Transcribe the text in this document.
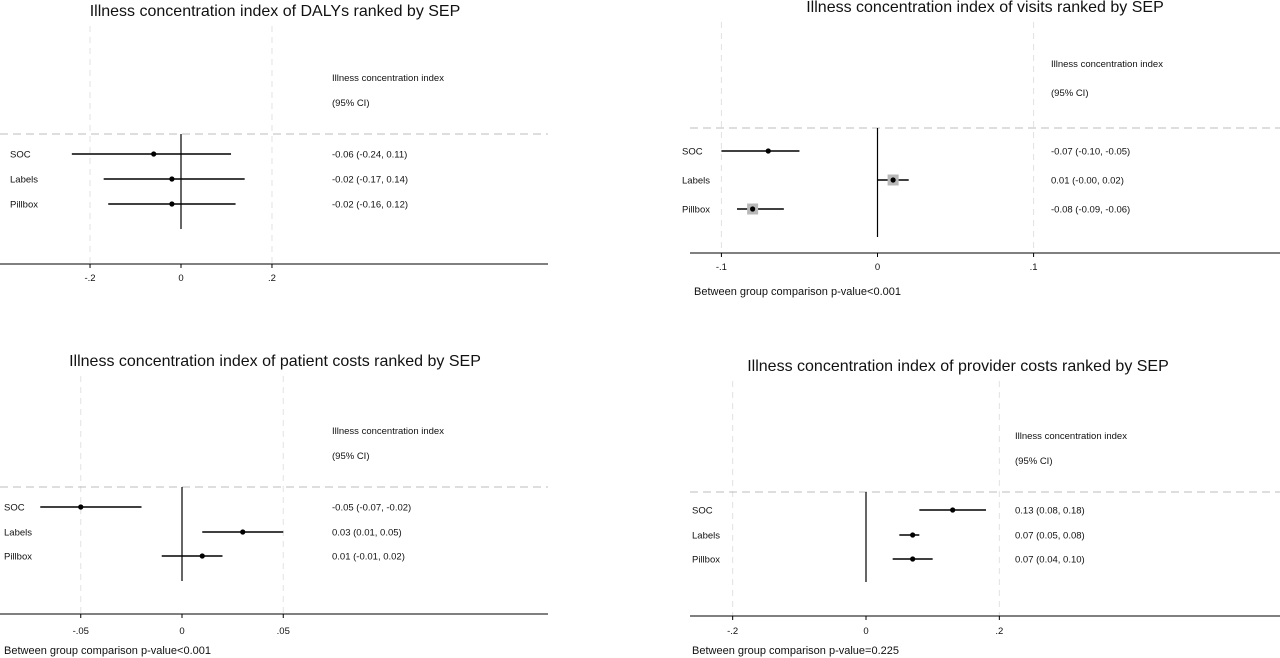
Illness concentration index of DALYs ranked by SEP
Illness concentration index
(95% CI)
SOC	-0.06 (-0.24, 0.11)
Labels	-0.02 (-0.17, 0.14)
Pillbox	-0.02 (-0.16, 0.12)
-.2	0	.2
Illness concentration index of visits ranked by SEP
Illness concentration index
(95% CI)
SOC	-0.07 (-0.10, -0.05)
Labels	0.01 (-0.00, 0.02)
Pillbox	-0.08 (-0.09, -0.06)
-.1	0	.1
Between group comparison p-value<0.001
Illness concentration index of patient costs ranked by SEP
Illness concentration index
(95% CI)
SOC	-0.05 (-0.07, -0.02)
Labels	0.03 (0.01, 0.05)
Pillbox	0.01 (-0.01, 0.02)
-.05	0	.05
Between group comparison p-value<0.001
Illness concentration index of provider costs ranked by SEP
Illness concentration index
(95% CI)
SOC	0.13 (0.08, 0.18)
Labels	0.07 (0.05, 0.08)
Pillbox	0.07 (0.04, 0.10)
-.2	0	.2
Between group comparison p-value=0.225
